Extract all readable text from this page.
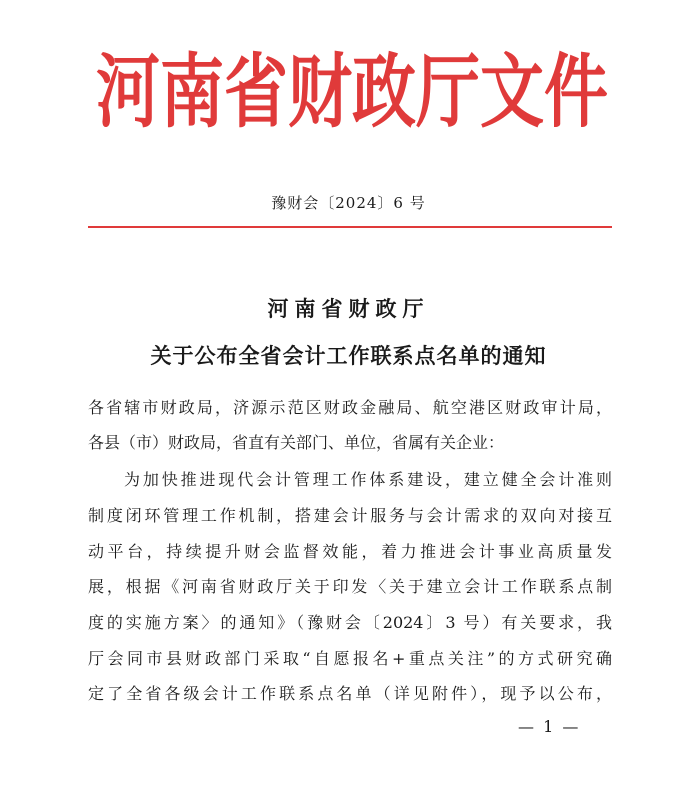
河 南 省 财 政 厅 文 件
豫财会〔2024〕6 号
河南省财政厅
关于公布全省会计工作联系点名单的通知
各省辖市财政局，济源示范区财政金融局、航空港区财政审计局，
各县（市）财政局，省直有关部门、单位，省属有关企业：
为加快推进现代会计管理工作体系建设，建立健全会计准则
制度闭环管理工作机制，搭建会计服务与会计需求的双向对接互
动平台，持续提升财会监督效能，着力推进会计事业高质量发
展，根据《河南省财政厅关于印发〈关于建立会计工作联系点制
度的实施方案〉的通知》（豫财会〔2024〕3 号）有关要求，我
厅会同市县财政部门采取“自愿报名+重点关注”的方式研究确
定了全省各级会计工作联系点名单（详见附件），现予以公布，
— 1 —
